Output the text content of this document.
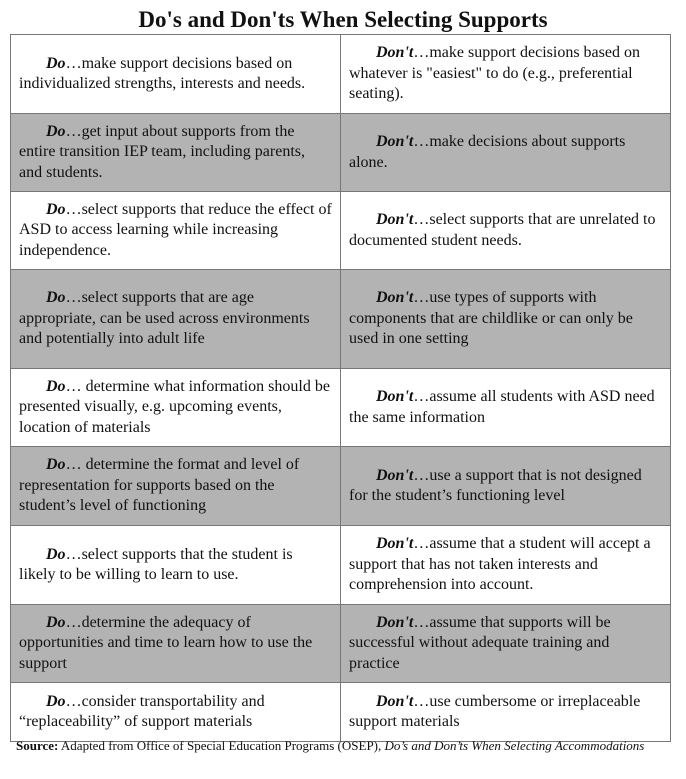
Do's and Don'ts When Selecting Supports
Do…make support decisions based on individualized strengths, interests and needs.	Don't…make support decisions based on whatever is "easiest" to do (e.g., preferential seating).
Do…get input about supports from the entire transition IEP team, including parents, and students.	Don't…make decisions about supports alone.
Do…select supports that reduce the effect of ASD to access learning while increasing independence.	Don't…select supports that are unrelated to documented student needs.
Do…select supports that are age appropriate, can be used across environments and potentially into adult life	Don't…use types of supports with components that are childlike or can only be used in one setting
Do… determine what information should be presented visually, e.g. upcoming events, location of materials	Don't…assume all students with ASD need the same information
Do… determine the format and level of representation for supports based on the student’s level of functioning	Don't…use a support that is not designed for the student’s functioning level
Do…select supports that the student is likely to be willing to learn to use.	Don't…assume that a student will accept a support that has not taken interests and comprehension into account.
Do…determine the adequacy of opportunities and time to learn how to use the support	Don't…assume that supports will be successful without adequate training and practice
Do…consider transportability and “replaceability” of support materials	Don't…use cumbersome or irreplaceable support materials
Source: Adapted from Office of Special Education Programs (OSEP), Do’s and Don’ts When Selecting Accommodations
